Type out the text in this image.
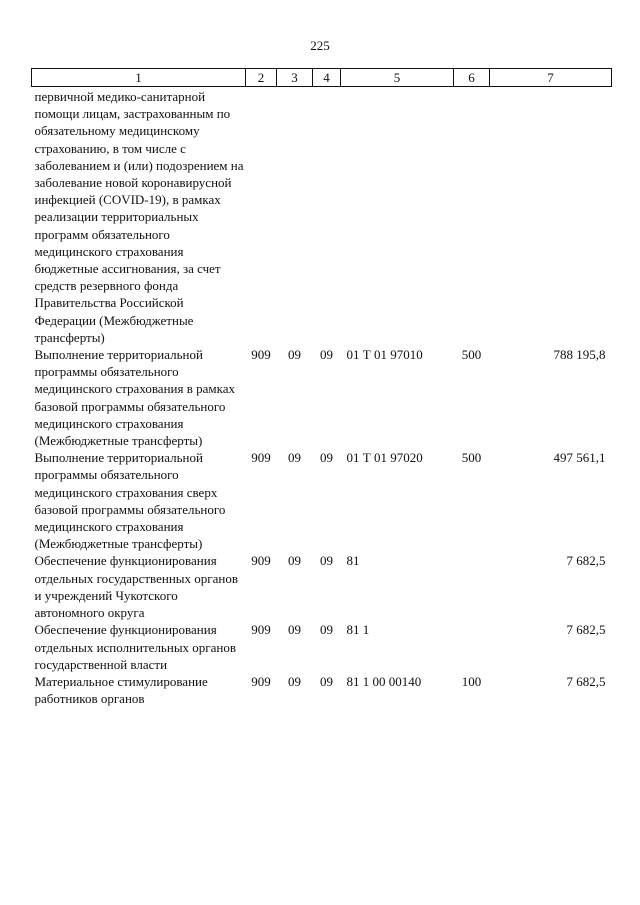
225
1	2	3	4	5	6	7

первичной медико-санитарной помощи лицам, застрахованным по обязательному медицинскому страхованию, в том числе с заболеванием и (или) подозрением на заболевание новой коронавирусной инфекцией (COVID-19), в рамках реализации территориальных программ обязательного медицинского страхования бюджетные ассигнования, за счет средств резервного фонда Правительства Российской Федерации (Межбюджетные трансферты)						
Выполнение территориальной программы обязательного медицинского страхования в рамках базовой программы обязательного медицинского страхования (Межбюджетные трансферты)	909	09	09	01 Т 01 97010	500	788 195,8
Выполнение территориальной программы обязательного медицинского страхования сверх базовой программы обязательного медицинского страхования (Межбюджетные трансферты)	909	09	09	01 Т 01 97020	500	497 561,1
Обеспечение функционирования отдельных государственных органов и учреждений Чукотского автономного округа	909	09	09	81		7 682,5
Обеспечение функционирования отдельных исполнительных органов государственной власти	909	09	09	81 1		7 682,5
Материальное стимулирование работников органов	909	09	09	81 1 00 00140	100	7 682,5
